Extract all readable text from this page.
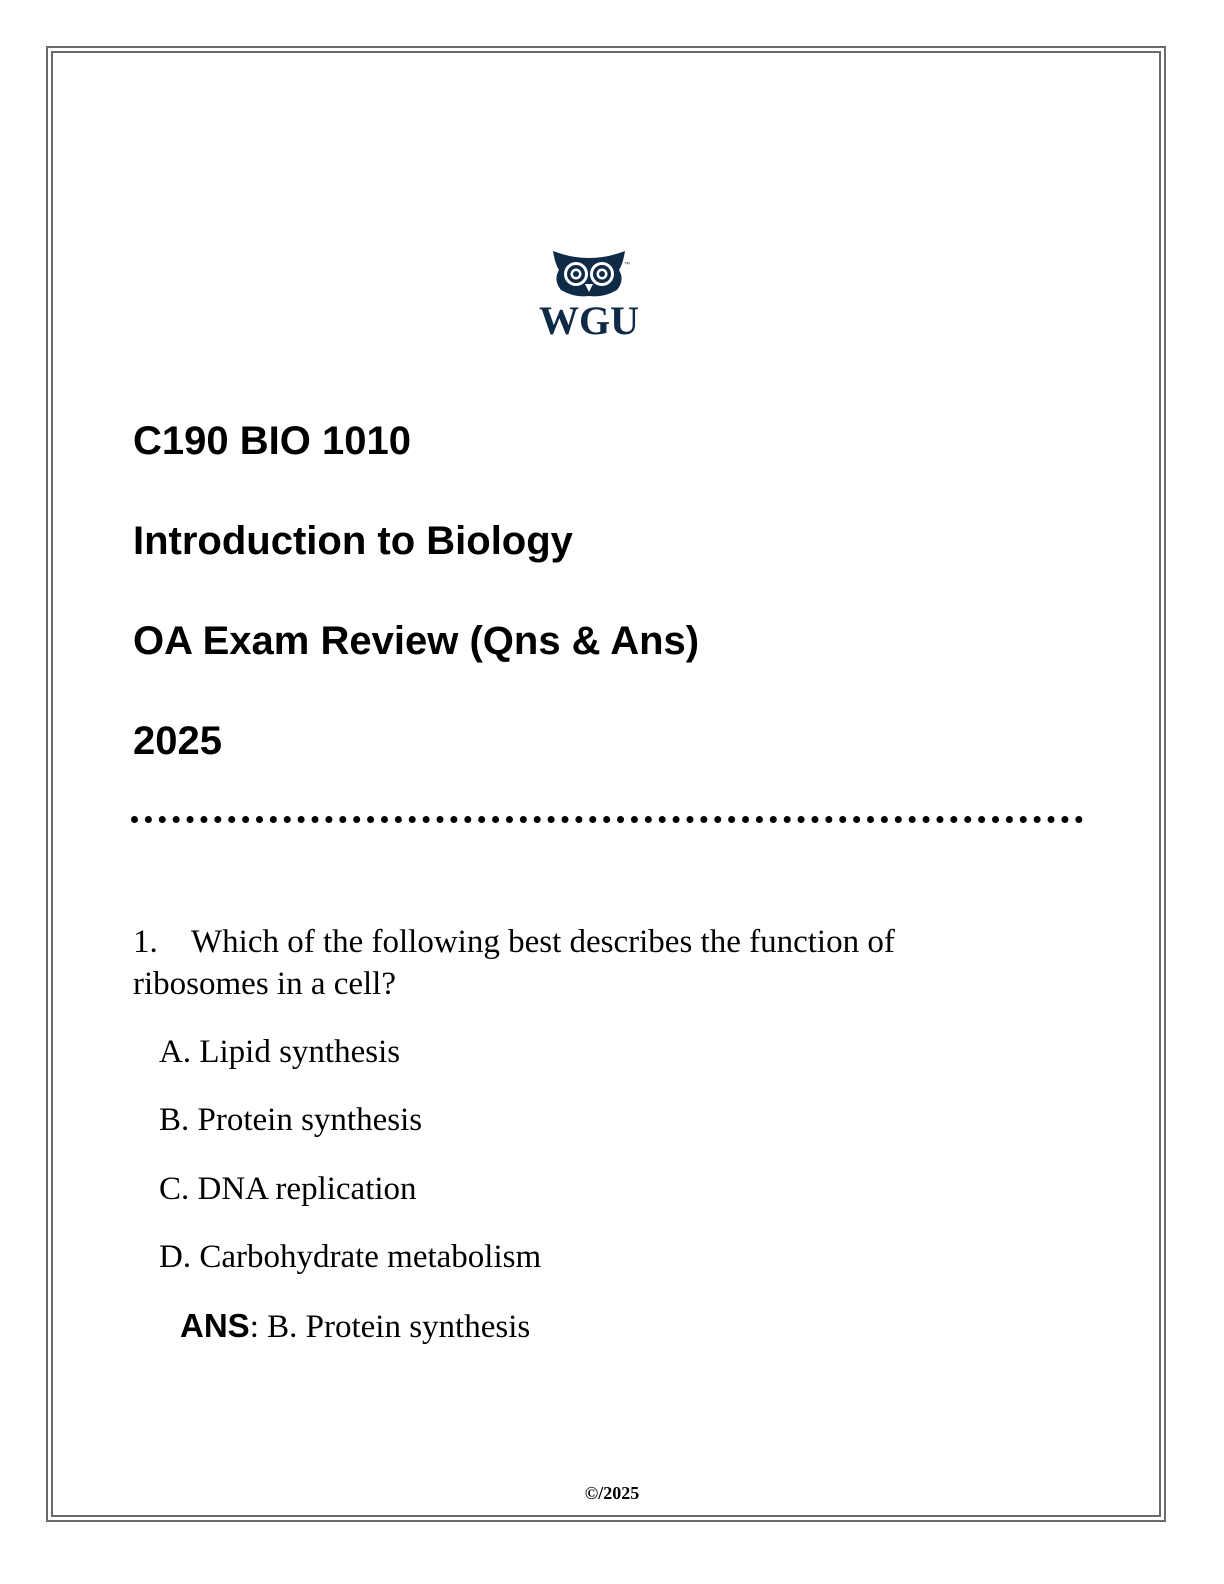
™
WGU
C190 BIO 1010
Introduction to Biology
OA Exam Review (Qns & Ans)
2025

1. Which of the following best describes the function of ribosomes in a cell?

A. Lipid synthesis

B. Protein synthesis

C. DNA replication

D. Carbohydrate metabolism

ANS: B. Protein synthesis

©/2025
